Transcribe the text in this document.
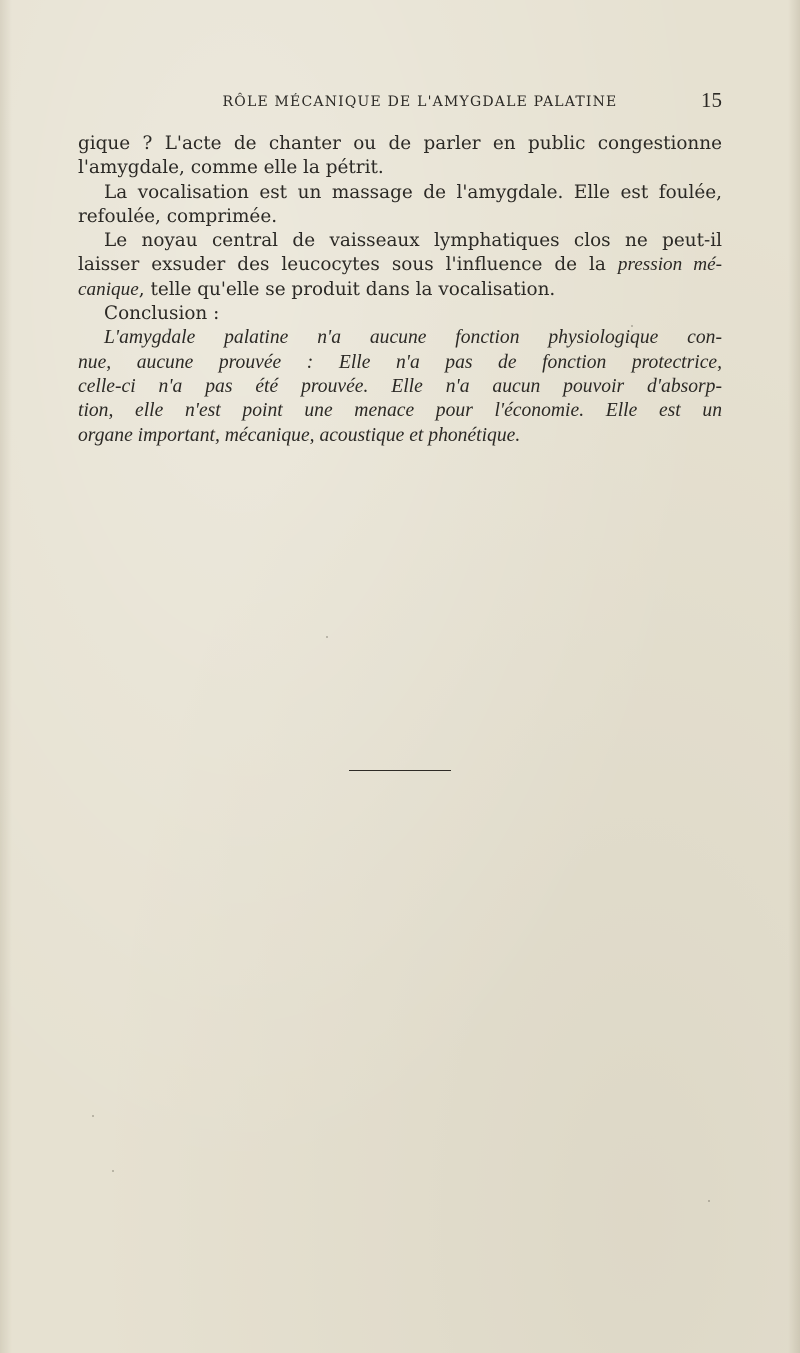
RÔLE MÉCANIQUE DE L'AMYGDALE PALATINE	15
gique ? L'acte de chanter ou de parler en public congestionne
l'amygdale, comme elle la pétrit.
La vocalisation est un massage de l'amygdale. Elle est foulée,
refoulée, comprimée.
Le noyau central de vaisseaux lymphatiques clos ne peut-il
laisser exsuder des leucocytes sous l'influence de la pression mé-
canique, telle qu'elle se produit dans la vocalisation.
Conclusion :
L'amygdale palatine n'a aucune fonction physiologique con-
nue, aucune prouvée : Elle n'a pas de fonction protectrice,
celle-ci n'a pas été prouvée. Elle n'a aucun pouvoir d'absorp-
tion, elle n'est point une menace pour l'économie. Elle est un
organe important, mécanique, acoustique et phonétique.
